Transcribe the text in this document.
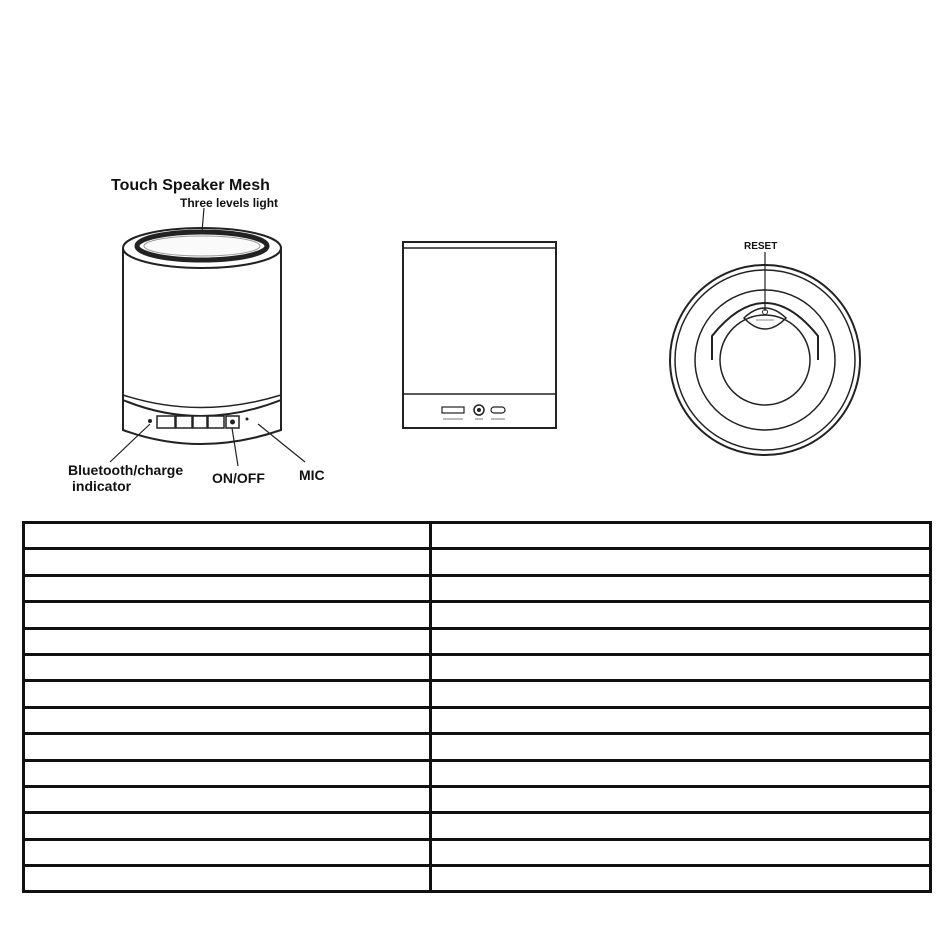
Touch Speaker Mesh
Three levels light
Bluetooth/charge
indicator	ON/OFF MIC
RESET
